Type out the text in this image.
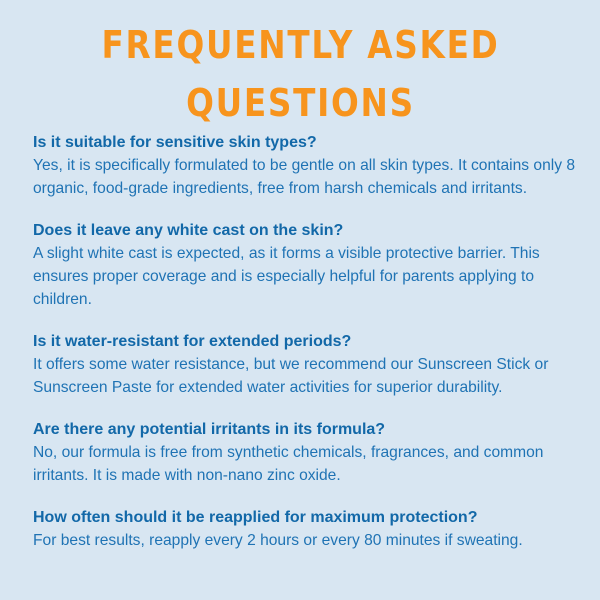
FREQUENTLY ASKED QUESTIONS

Is it suitable for sensitive skin types?

Yes, it is specifically formulated to be gentle on all skin types. It contains only 8 organic, food-grade ingredients, free from harsh chemicals and irritants.

Does it leave any white cast on the skin?

A slight white cast is expected, as it forms a visible protective barrier. This ensures proper coverage and is especially helpful for parents applying to children.

Is it water-resistant for extended periods?

It offers some water resistance, but we recommend our Sunscreen Stick or Sunscreen Paste for extended water activities for superior durability.

Are there any potential irritants in its formula?

No, our formula is free from synthetic chemicals, fragrances, and common irritants. It is made with non-nano zinc oxide.

How often should it be reapplied for maximum protection?

For best results, reapply every 2 hours or every 80 minutes if sweating.
